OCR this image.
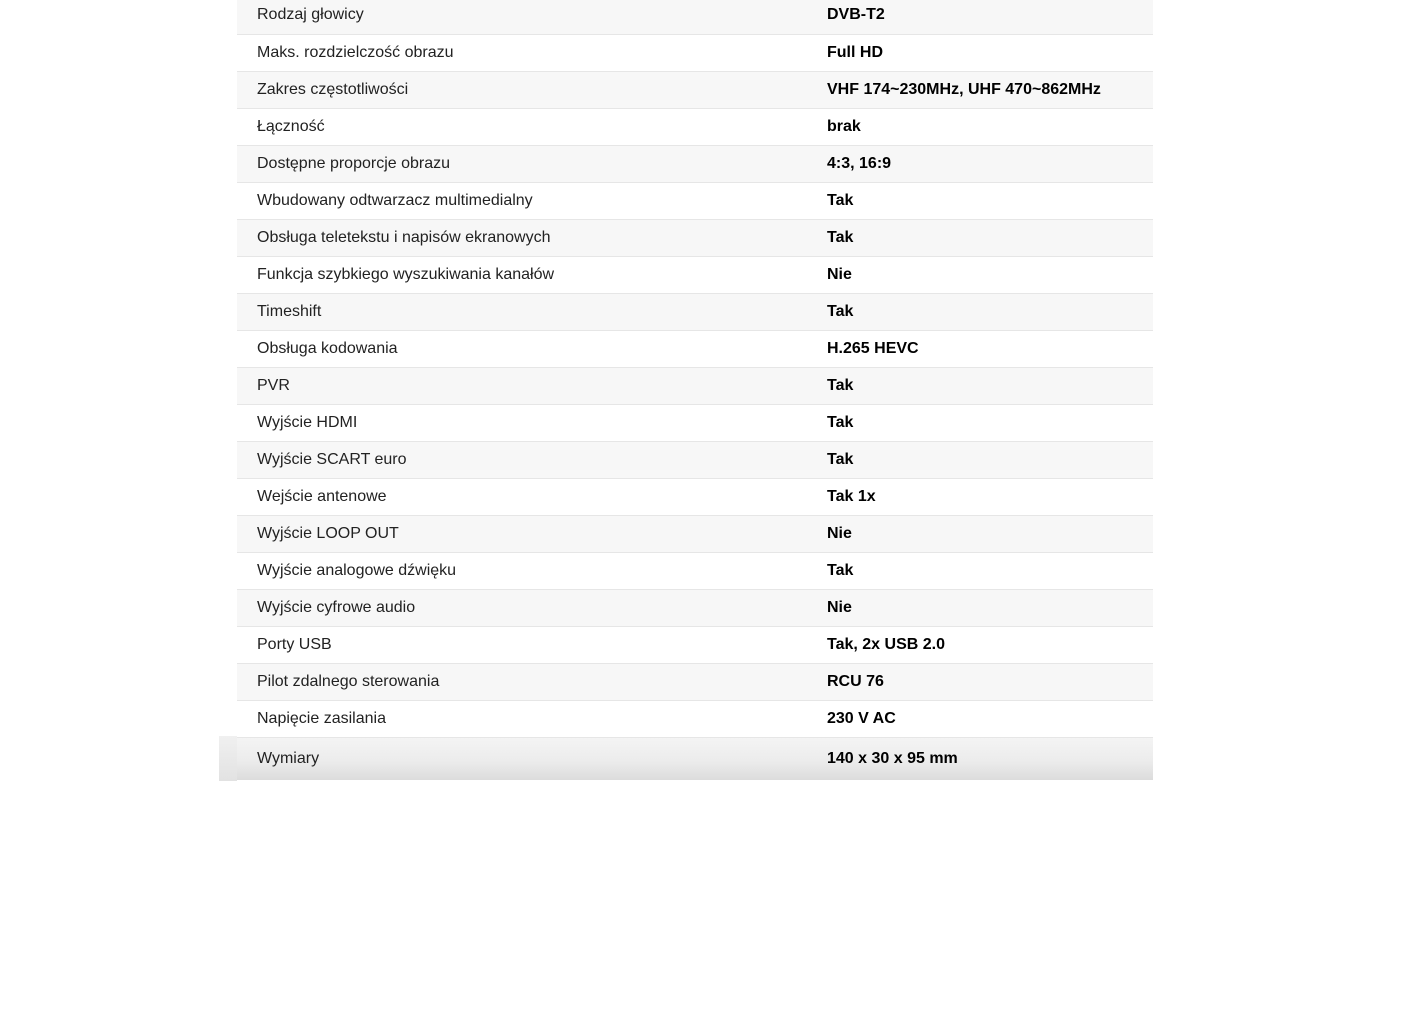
Rodzaj głowicy	DVB-T2
Maks. rozdzielczość obrazu	Full HD
Zakres częstotliwości	VHF 174~230MHz, UHF 470~862MHz
Łączność	brak
Dostępne proporcje obrazu	4:3, 16:9
Wbudowany odtwarzacz multimedialny	Tak
Obsługa teletekstu i napisów ekranowych	Tak
Funkcja szybkiego wyszukiwania kanałów	Nie
Timeshift	Tak
Obsługa kodowania	H.265 HEVC
PVR	Tak
Wyjście HDMI	Tak
Wyjście SCART euro	Tak
Wejście antenowe	Tak 1x
Wyjście LOOP OUT	Nie
Wyjście analogowe dźwięku	Tak
Wyjście cyfrowe audio	Nie
Porty USB	Tak, 2x USB 2.0
Pilot zdalnego sterowania	RCU 76
Napięcie zasilania	230 V AC
Wymiary	140 x 30 x 95 mm
